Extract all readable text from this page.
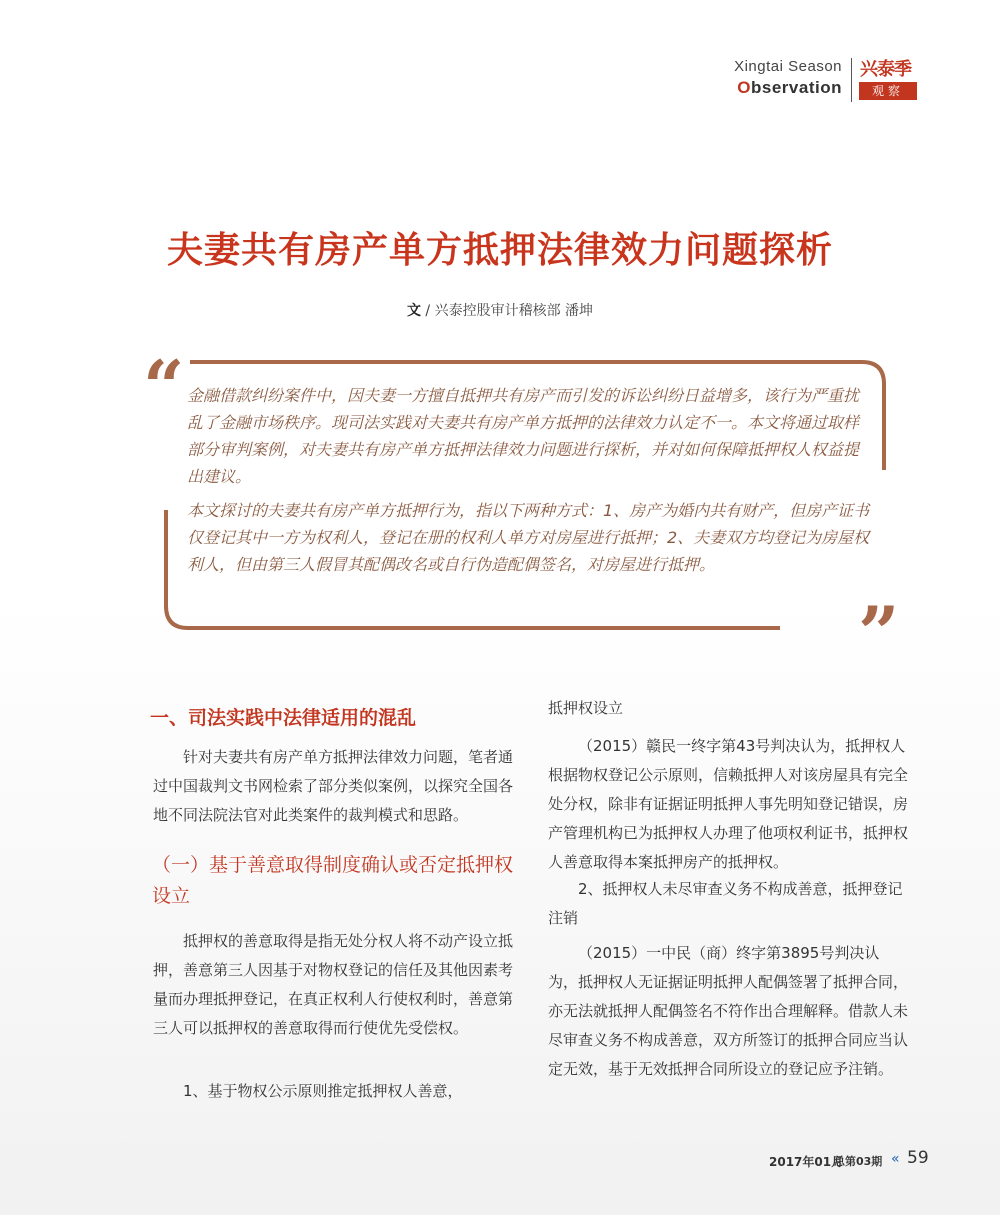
Xingtai Season
Observation
兴泰季
观察
夫妻共有房产单方抵押法律效力问题探析
文 / 兴泰控股审计稽核部 潘坤
“
”
金融借款纠纷案件中，因夫妻一方擅自抵押共有房产而引发的诉讼纠纷日益增多，该行为严重扰乱了金融市场秩序。现司法实践对夫妻共有房产单方抵押的法律效力认定不一。本文将通过取样部分审判案例，对夫妻共有房产单方抵押法律效力问题进行探析，并对如何保障抵押权人权益提出建议。
本文探讨的夫妻共有房产单方抵押行为，指以下两种方式：1、房产为婚内共有财产，但房产证书仅登记其中一方为权利人，登记在册的权利人单方对房屋进行抵押；2、夫妻双方均登记为房屋权利人，但由第三人假冒其配偶改名或自行伪造配偶签名，对房屋进行抵押。
一、司法实践中法律适用的混乱

针对夫妻共有房产单方抵押法律效力问题，笔者通过中国裁判文书网检索了部分类似案例，以探究全国各地不同法院法官对此类案件的裁判模式和思路。

（一）基于善意取得制度确认或否定抵押权设立

抵押权的善意取得是指无处分权人将不动产设立抵押，善意第三人因基于对物权登记的信任及其他因素考量而办理抵押登记，在真正权利人行使权利时，善意第三人可以抵押权的善意取得而行使优先受偿权。

1、基于物权公示原则推定抵押权人善意，

抵押权设立

（2015）赣民一终字第43号判决认为，抵押权人根据物权登记公示原则，信赖抵押人对该房屋具有完全处分权，除非有证据证明抵押人事先明知登记错误，房产管理机构已为抵押权人办理了他项权利证书，抵押权人善意取得本案抵押房产的抵押权。

2、抵押权人未尽审查义务不构成善意，抵押登记注销

（2015）一中民（商）终字第3895号判决认为，抵押权人无证据证明抵押人配偶签署了抵押合同，亦无法就抵押人配偶签名不符作出合理解释。借款人未尽审查义务不构成善意，双方所签订的抵押合同应当认定无效，基于无效抵押合同所设立的登记应予注销。

2017年01月
总第03期 « 59
